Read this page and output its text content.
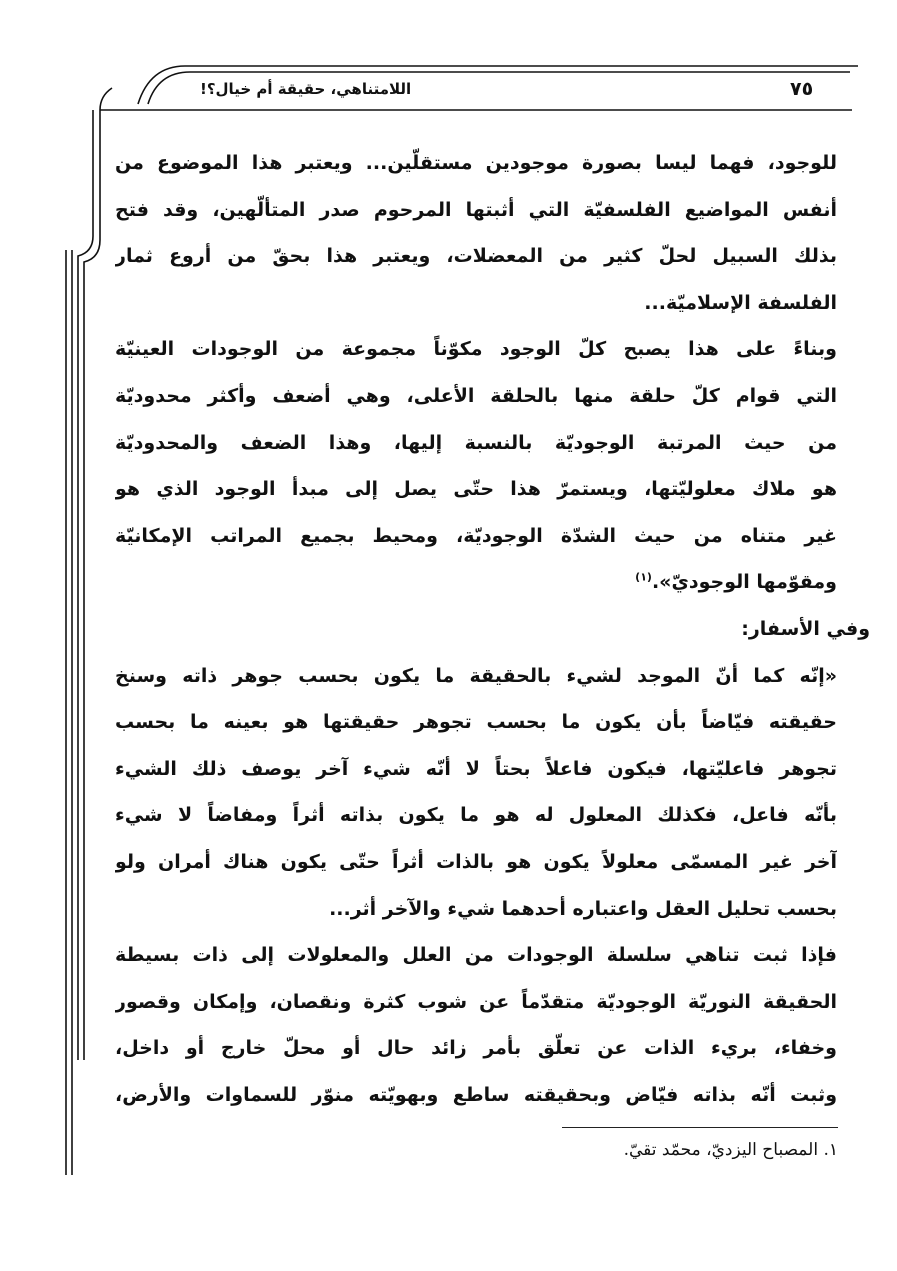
اللامتناهي، حقيقة أم خيال؟!	٧٥
للوجود، فهما ليسا بصورة موجودين مستقلّين... ويعتبر هذا الموضوع من
أنفس المواضيع الفلسفيّة التي أثبتها المرحوم صدر المتألّهين، وقد فتح
بذلك السبيل لحلّ كثير من المعضلات، ويعتبر هذا بحقّ من أروع ثمار
الفلسفة الإسلاميّة...
وبناءً على هذا يصبح كلّ الوجود مكوّناً مجموعة من الوجودات العينيّة
التي قوام كلّ حلقة منها بالحلقة الأعلى، وهي أضعف وأكثر محدوديّة
من حيث المرتبة الوجوديّة بالنسبة إليها، وهذا الضعف والمحدوديّة
هو ملاك معلوليّتها، ويستمرّ هذا حتّى يصل إلى مبدأ الوجود الذي هو
غير متناه من حيث الشدّة الوجوديّة، ومحيط بجميع المراتب الإمكانيّة
ومقوّمها الوجوديّ».$^{(١)}$
وفي الأسفار:
«إنّه كما أنّ الموجد لشيء بالحقيقة ما يكون بحسب جوهر ذاته وسنخ
حقيقته فيّاضاً بأن يكون ما بحسب تجوهر حقيقتها هو بعينه ما بحسب
تجوهر فاعليّتها، فيكون فاعلاً بحتاً لا أنّه شيء آخر يوصف ذلك الشيء
بأنّه فاعل، فكذلك المعلول له هو ما يكون بذاته أثراً ومفاضاً لا شيء
آخر غير المسمّى معلولاً يكون هو بالذات أثراً حتّى يكون هناك أمران ولو
بحسب تحليل العقل واعتباره أحدهما شيء والآخر أثر...
فإذا ثبت تناهي سلسلة الوجودات من العلل والمعلولات إلى ذات بسيطة
الحقيقة النوريّة الوجوديّة متقدّماً عن شوب كثرة ونقصان، وإمكان وقصور
وخفاء، بريء الذات عن تعلّق بأمر زائد حال أو محلّ خارج أو داخل،
وثبت أنّه بذاته فيّاض وبحقيقته ساطع وبهويّته منوّر للسماوات والأرض،
١. المصباح اليزديّ، محمّد تقيّ.
